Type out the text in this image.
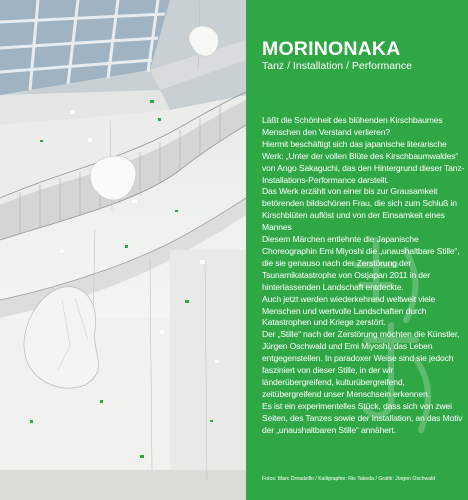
MORINONAKA

Tanz / Installation / Performance

Läßt die Schönheit des blühenden Kirschbaumes Menschen den Verstand verlieren?

Hiermit beschäftigt sich das japanische literarische Werk: „Unter der vollen Blüte des Kirschbaumwaldes“ von Ango Sakaguchi, das den Hintergrund dieser Tanz-Installations-Performance darstellt.

Das Werk erzählt von einer bis zur Grausamkeit betörenden bildschönen Frau, die sich zum Schluß in Kirschblüten auflöst und von der Einsamkeit eines Mannes

Diesem Märchen entlehnte die Japanische Choreographin Emi Miyoshi die „unaushaltbare Stille“, die sie genauso nach der Zerstörung der Tsunamikatastrophe von Ostjapan 2011 in der hinterlassenden Landschaft entdeckte.

Auch jetzt werden wiederkehrend weltweit viele Menschen und wertvolle Landschaften durch Katastrophen und Kriege zerstört.

Der „Stille“ nach der Zerstörung möchten die Künstler, Jürgen Oschwald und Emi Miyoshi, das Leben entgegenstellen. In paradoxer Weise sind sie jedoch fasziniert von dieser Stille, in der wir länderübergreifend, kulturübergreifend, zeitübergreifend unser Menschsein erkennen.

Es ist ein experimentelles Stück, dass sich von zwei Seiten, des Tanzes sowie der Installation, an das Motiv der „unaushaltbaren Stille“ annähert.

Fotos: Marc Doradzillo / Kalligraphie: Rie Takeda / Grafik: Jürgen Oschwald
